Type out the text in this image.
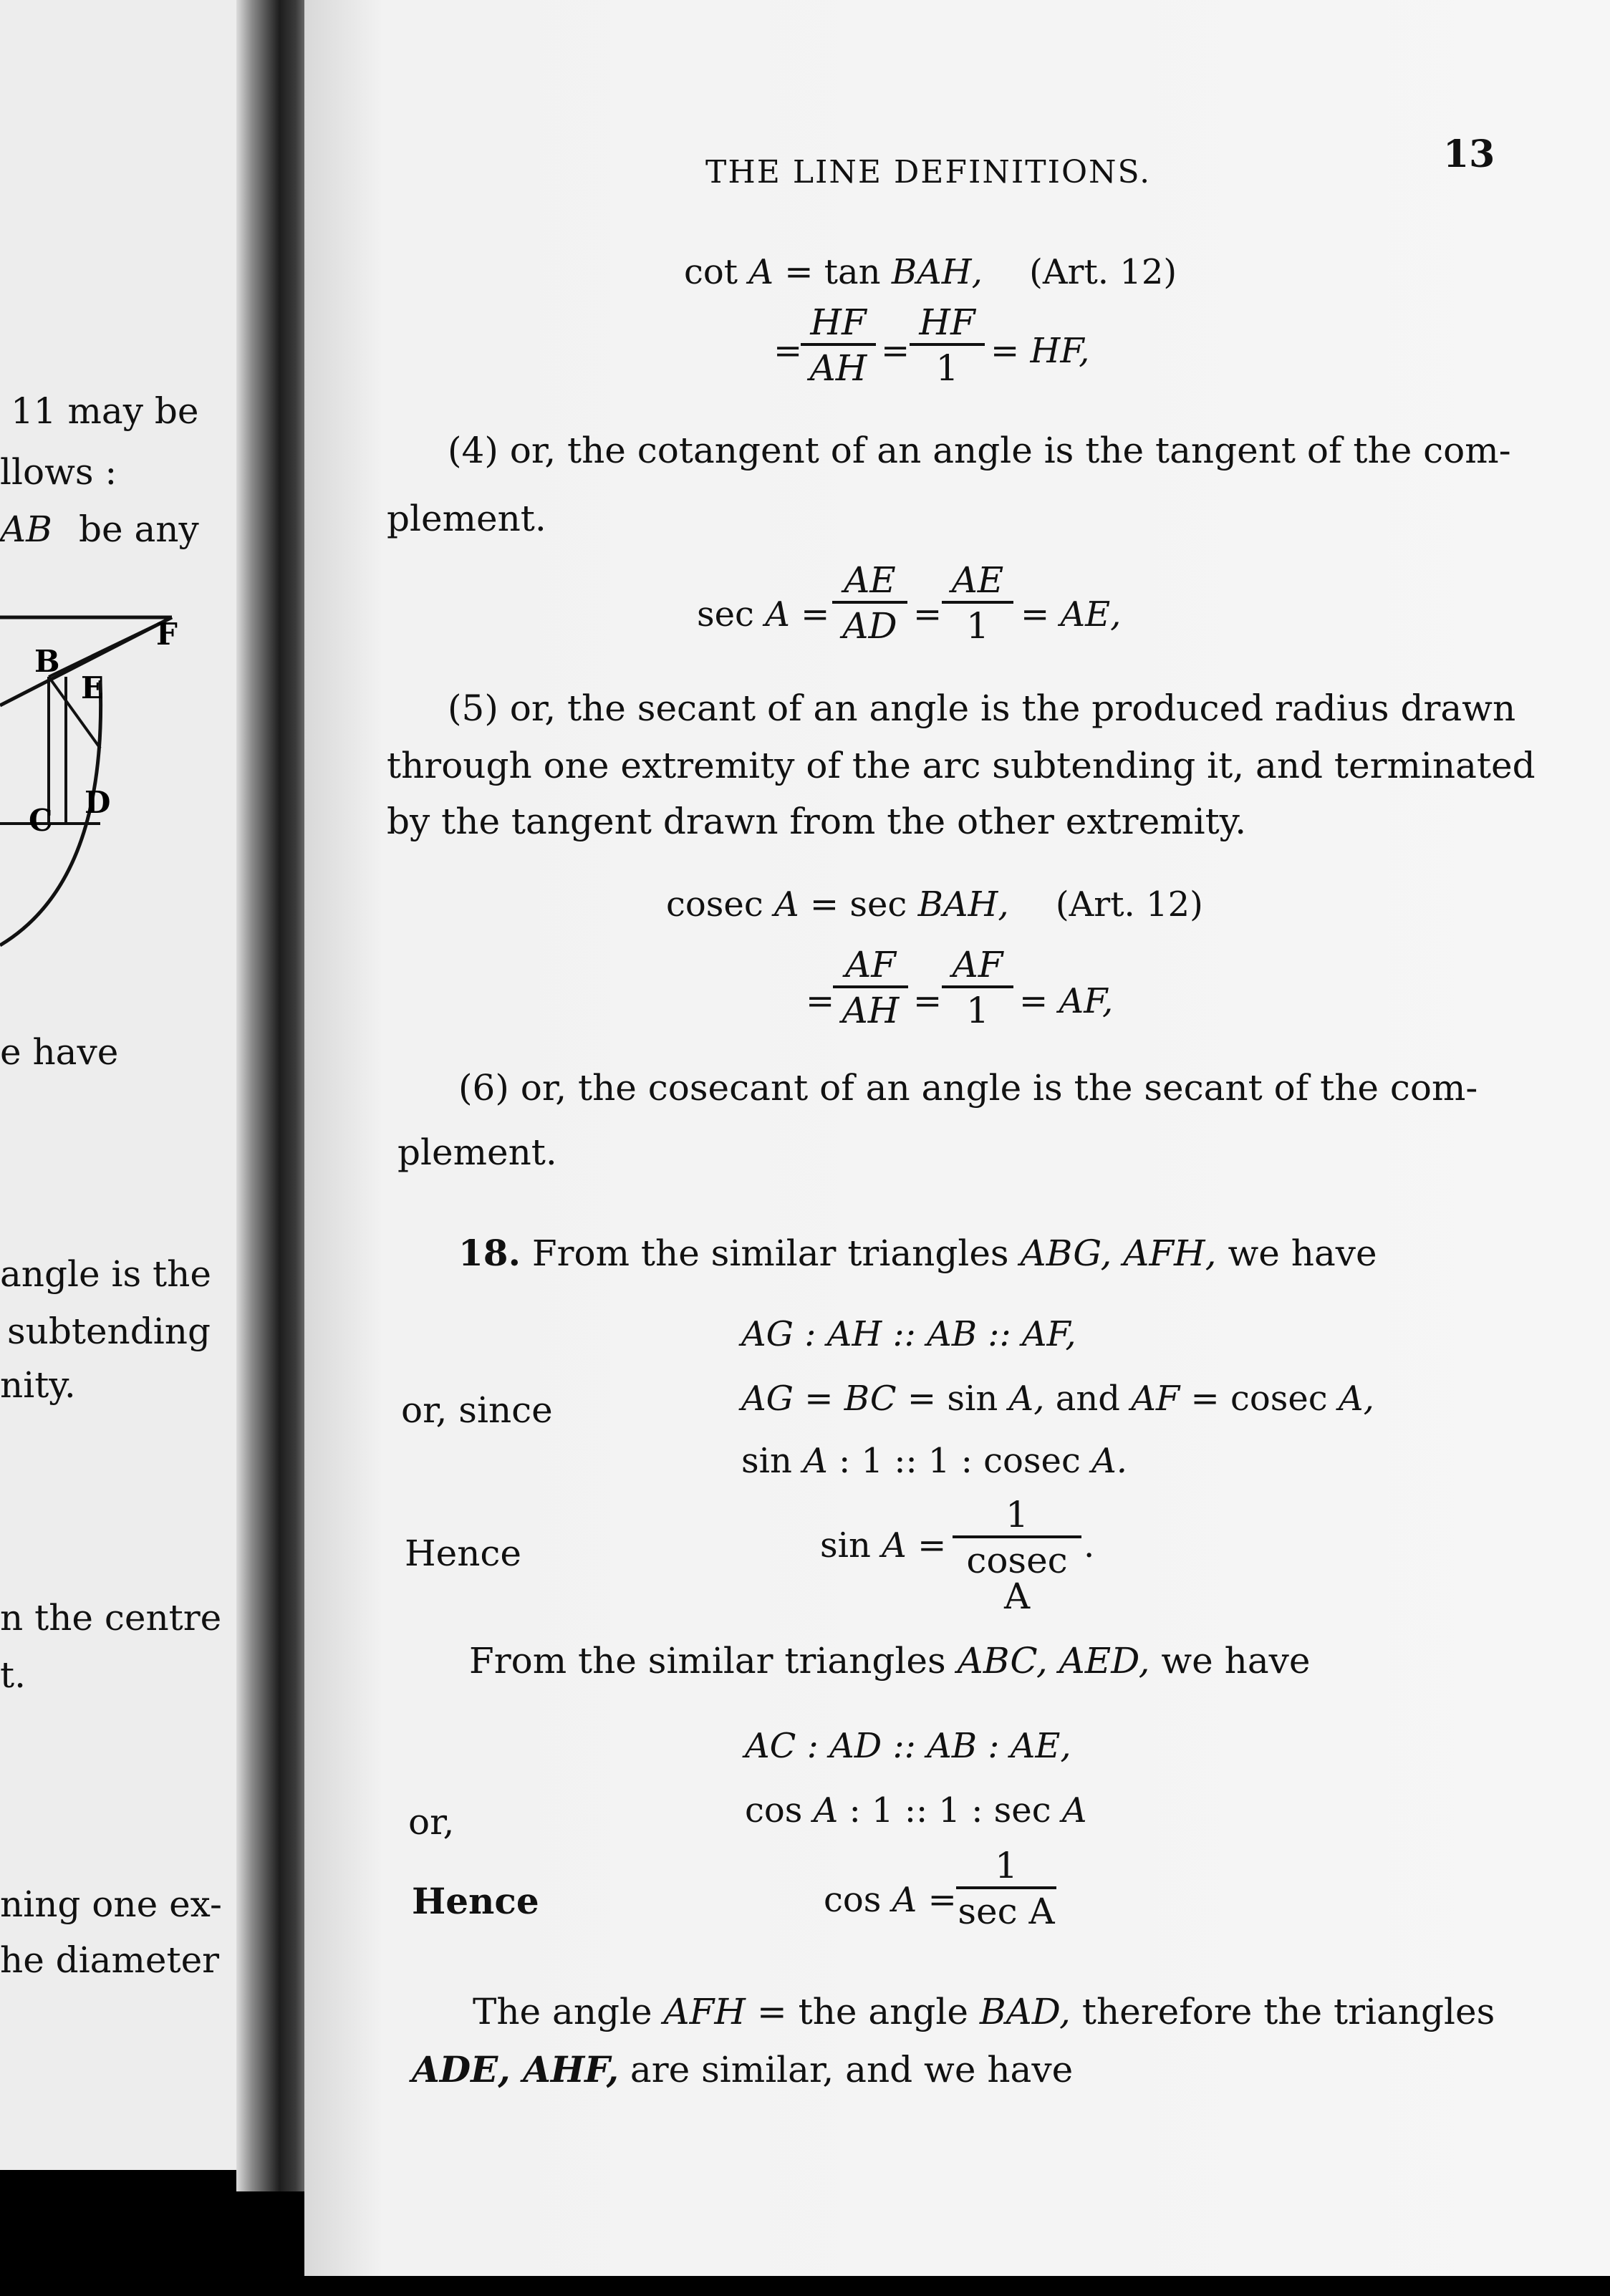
11 may be
llows :
AB be any
B
E
F
C
D
e have
angle is the
subtending
nity.
n the centre
t.
ning one ex-
he diameter
THE LINE DEFINITIONS.	13
cot A = tan BAH, (Art. 12)
=
HF
AH =
HF
1 = HF,
(4) or, the cotangent of an angle is the tangent of the com-
plement.
sec A =
AE
AD =
AE
1 = AE,
(5) or, the secant of an angle is the produced radius drawn
through one extremity of the arc subtending it, and terminated
by the tangent drawn from the other extremity.
cosec A = sec BAH, (Art. 12)
=
AF
AH =
AF
1 = AF,
(6) or, the cosecant of an angle is the secant of the com-
plement.
18. From the similar triangles ABG, AFH, we have
AG : AH :: AB :: AF,
or, since	AG = BC = sin A, and AF = cosec A,
sin A : 1 :: 1 : cosec A.
Hence	sin A =
1
cosec A
.
From the similar triangles ABC, AED, we have
AC : AD :: AB : AE,
or,	cos A : 1 :: 1 : sec A
Hence	cos A =
1
sec A
The angle AFH = the angle BAD, therefore the triangles
ADE, AHF, are similar, and we have
